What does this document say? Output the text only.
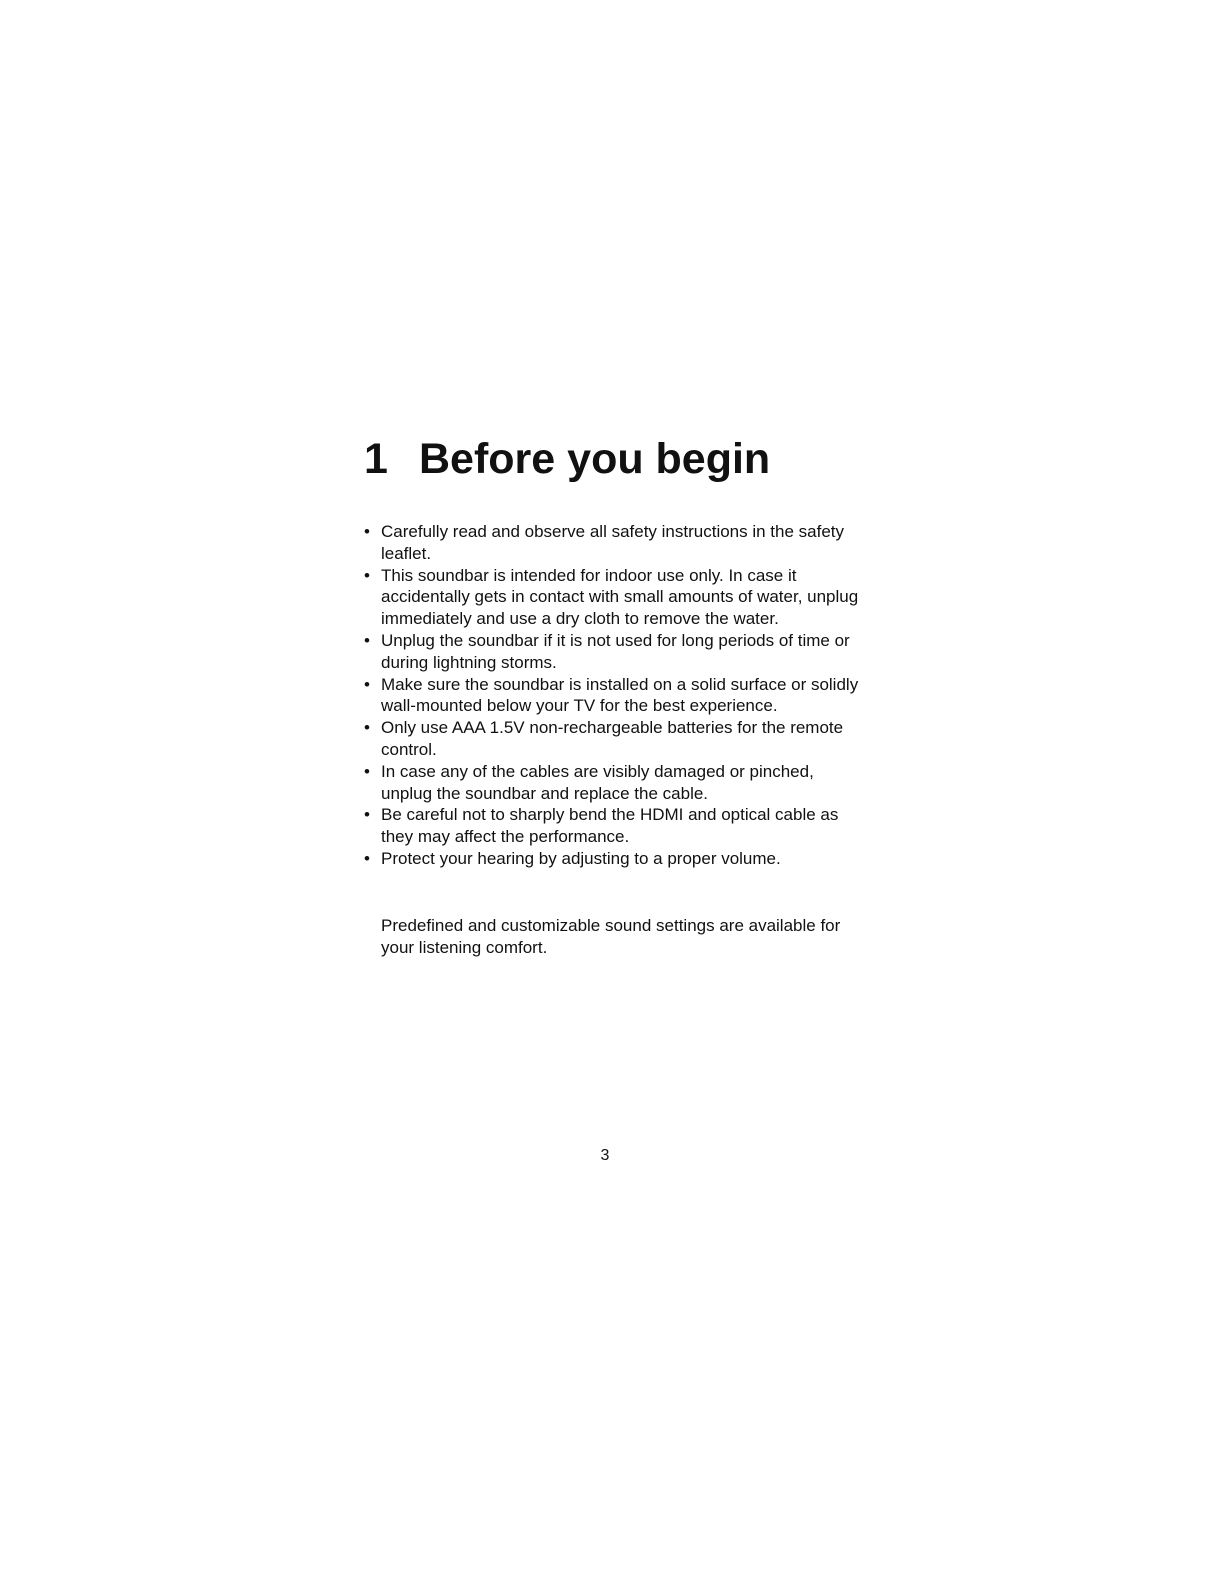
1 Before you begin
• Carefully read and observe all safety instructions in the safety leaflet.
• This soundbar is intended for indoor use only. In case it accidentally gets in contact with small amounts of water, unplug immediately and use a dry cloth to remove the water.
• Unplug the soundbar if it is not used for long periods of time or during lightning storms.
• Make sure the soundbar is installed on a solid surface or solidly wall-mounted below your TV for the best experience.
• Only use AAA 1.5V non-rechargeable batteries for the remote control.
• In case any of the cables are visibly damaged or pinched, unplug the soundbar and replace the cable.
• Be careful not to sharply bend the HDMI and optical cable as they may affect the performance.
• Protect your hearing by adjusting to a proper volume.

Predefined and customizable sound settings are available for your listening comfort.

3
